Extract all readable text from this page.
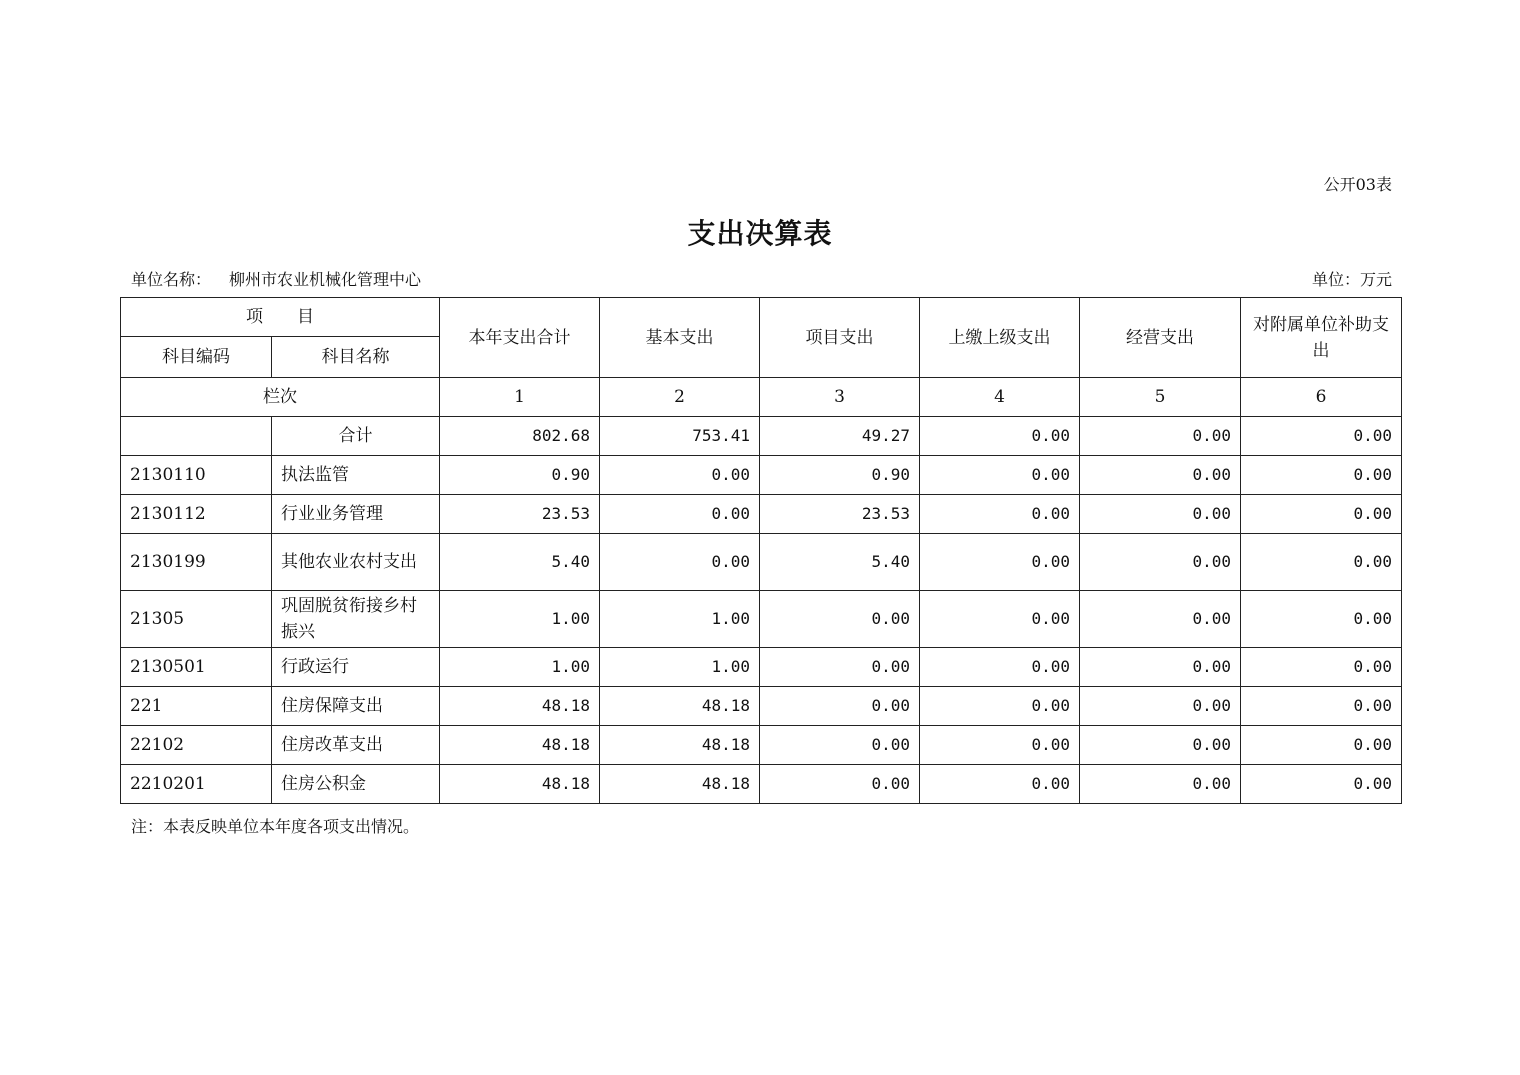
公开03表
支出决算表
单位名称： 柳州市农业机械化管理中心	单位：万元
项　　目		本年支出合计	基本支出	项目支出	上缴上级支出	经营支出	对附属单位补助支出
科目编码	科目名称						
栏次		1	2	3	4	5	6
	合计	802.68	753.41	49.27	0.00	0.00	0.00
2130110	执法监管	0.90	0.00	0.90	0.00	0.00	0.00
2130112	行业业务管理	23.53	0.00	23.53	0.00	0.00	0.00
2130199	其他农业农村支出	5.40	0.00	5.40	0.00	0.00	0.00
21305	巩固脱贫衔接乡村振兴	1.00	1.00	0.00	0.00	0.00	0.00
2130501	行政运行	1.00	1.00	0.00	0.00	0.00	0.00
221	住房保障支出	48.18	48.18	0.00	0.00	0.00	0.00
22102	住房改革支出	48.18	48.18	0.00	0.00	0.00	0.00
2210201	住房公积金	48.18	48.18	0.00	0.00	0.00	0.00
注：本表反映单位本年度各项支出情况。
